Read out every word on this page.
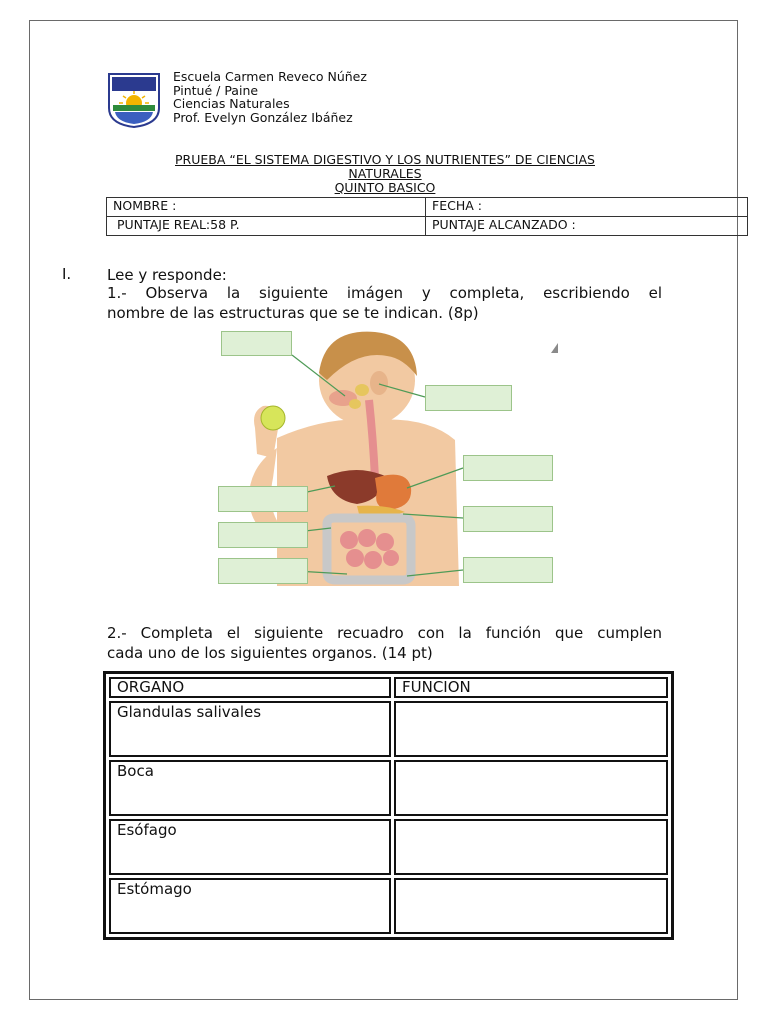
Escuela Carmen Reveco Núñez
Pintué / Paine
Ciencias Naturales
Prof. Evelyn González Ibáñez
PRUEBA “EL SISTEMA DIGESTIVO Y LOS NUTRIENTES” DE CIENCIAS
NATURALES
QUINTO BASICO
NOMBRE :	FECHA :
PUNTAJE REAL:58 P.	PUNTAJE ALCANZADO :
I. Lee y responde:
1.- Observa la siguiente imágen y completa, escribiendo el
nombre de las estructuras que se te indican. (8p)
2.- Completa el siguiente recuadro con la función que cumplen
cada uno de los siguientes organos. (14 pt)
ORGANO	FUNCION
Glandulas salivales	
Boca	
Esófago	
Estómago	
